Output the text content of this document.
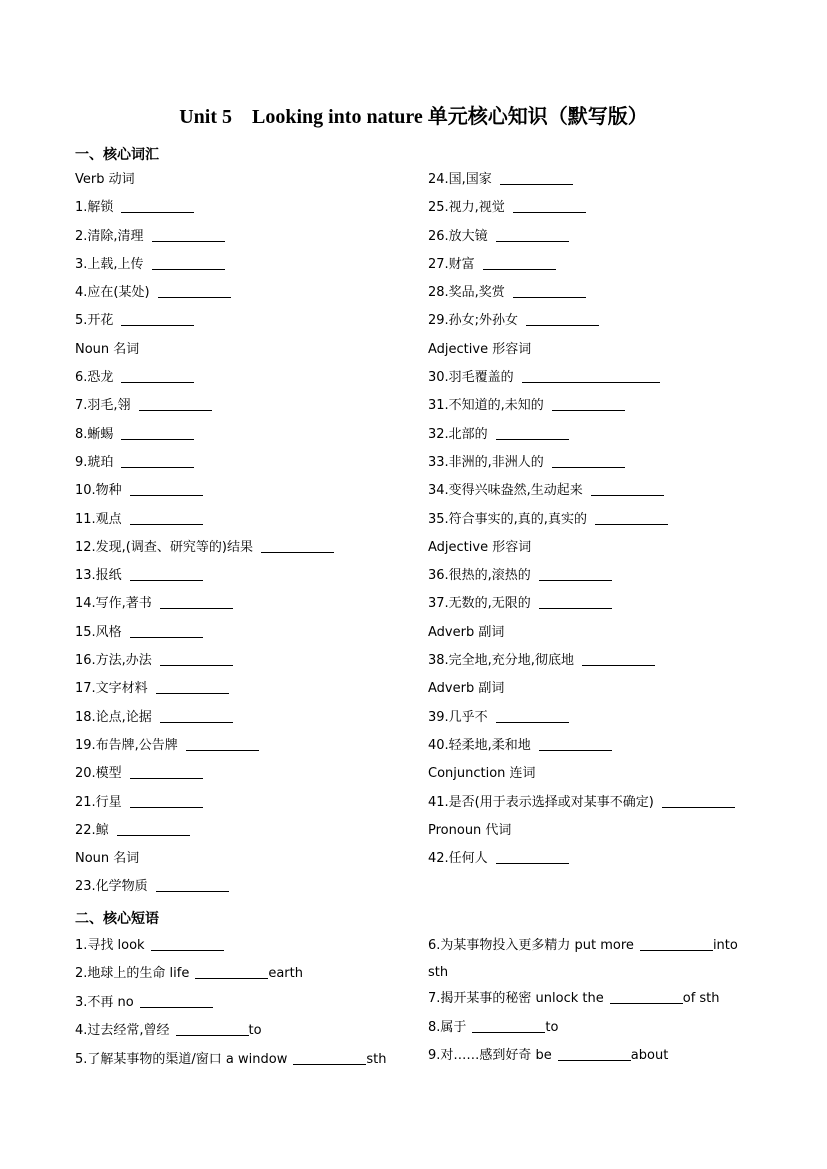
Unit 5　Looking into nature 单元核心知识（默写版）
一、核心词汇
Verb 动词
1.解锁
2.清除,清理
3.上载,上传
4.应在(某处)
5.开花
Noun 名词
6.恐龙
7.羽毛,翎
8.蜥蜴
9.琥珀
10.物种
11.观点
12.发现,(调查、研究等的)结果
13.报纸
14.写作,著书
15.风格
16.方法,办法
17.文字材料
18.论点,论据
19.布告牌,公告牌
20.模型
21.行星
22.鲸
Noun 名词
23.化学物质
24.国,国家
25.视力,视觉
26.放大镜
27.财富
28.奖品,奖赏
29.孙女;外孙女
Adjective 形容词
30.羽毛覆盖的
31.不知道的,未知的
32.北部的
33.非洲的,非洲人的
34.变得兴味盎然,生动起来
35.符合事实的,真的,真实的
Adjective 形容词
36.很热的,滚热的
37.无数的,无限的
Adverb 副词
38.完全地,充分地,彻底地
Adverb 副词
39.几乎不
40.轻柔地,柔和地
Conjunction 连词
41.是否(用于表示选择或对某事不确定)
Pronoun 代词
42.任何人
二、核心短语
1.寻找 look
2.地球上的生命 life	earth
3.不再 no
4.过去经常,曾经	to
5.了解某事物的渠道/窗口 a window	sth
6.为某事物投入更多精力 put more	into
sth
7.揭开某事的秘密 unlock the	of sth
8.属于	to
9.对……感到好奇 be	about
